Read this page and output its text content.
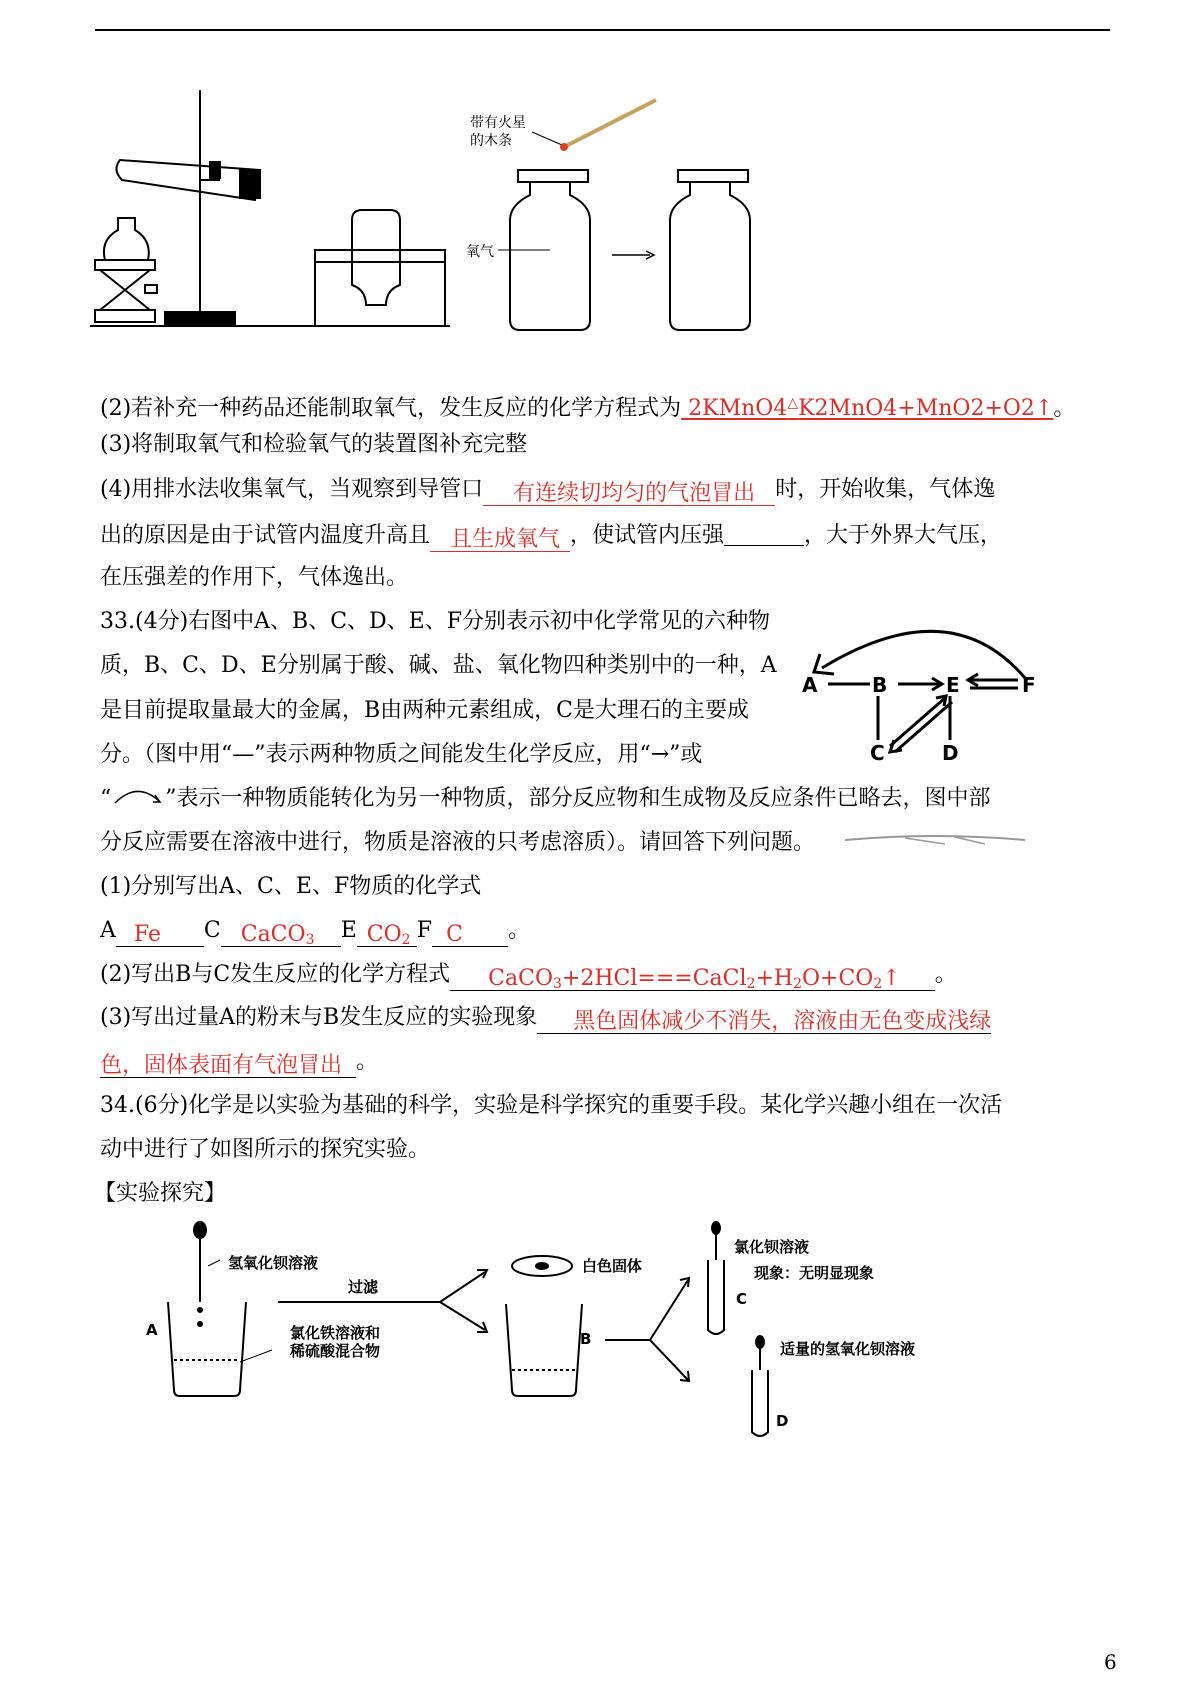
带有火星
的木条
氧气
(2)若补充一种药品还能制取氧气，发生反应的化学方程式为 2KMnO4△K2MnO4+MnO2+O2↑。
(3)将制取氧气和检验氧气的装置图补充完整
(4)用排水法收集氧气，当观察到导管口 有连续切均匀的气泡冒出 时，开始收集，气体逸
出的原因是由于试管内温度升高且 且生成氧气 ，使试管内压强	，大于外界大气压，
在压强差的作用下，气体逸出。
33.(4分)右图中A、B、C、D、E、F分别表示初中化学常见的六种物
质，B、C、D、E分别属于酸、碱、盐、氧化物四种类别中的一种，A
是目前提取量最大的金属，B由两种元素组成，C是大理石的主要成
分。（图中用“—”表示两种物质之间能发生化学反应，用“→”或
“ ”表示一种物质能转化为另一种物质，部分反应物和生成物及反应条件已略去，图中部
分反应需要在溶液中进行，物质是溶液的只考虑溶质）。请回答下列问题。
A	B	E	F
C	D
(1)分别写出A、C、E、F物质的化学式
A Fe C CaCO$_3$ E $CO_2$ F C 。
(2)写出B与C发生反应的化学方程式 $CaCO_3+2HCl===CaCl_2+H_2O+CO_2↑$ 。
(3)写出过量A的粉末与B发生反应的实验现象 黑色固体减少不消失，溶液由无色变成浅绿
色，固体表面有气泡冒出 。
34.(6分)化学是以实验为基础的科学，实验是科学探究的重要手段。某化学兴趣小组在一次活
动中进行了如图所示的探究实验。
【实验探究】
氢氧化钡溶液
过滤
A	氯化铁溶液和
稀硫酸混合物
白色固体
B
氯化钡溶液
现象：无明显现象
C
适量的氢氧化钡溶液
D
6
